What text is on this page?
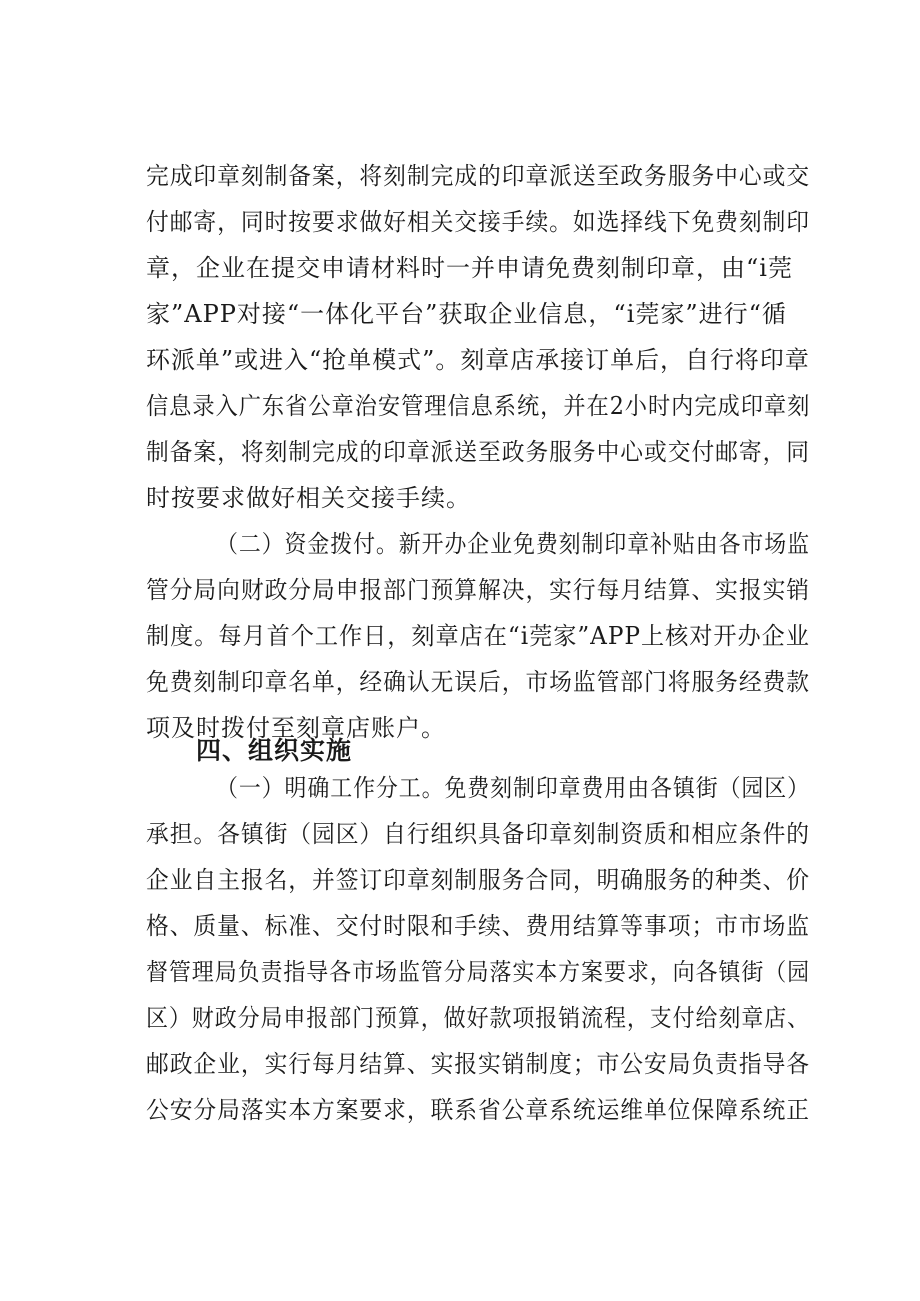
完成印章刻制备案，将刻制完成的印章派送至政务服务中心或交
付邮寄，同时按要求做好相关交接手续。如选择线下免费刻制印
章，企业在提交申请材料时一并申请免费刻制印章，由“i莞
家”APP对接“一体化平台”获取企业信息，“i莞家”进行“循
环派单”或进入“抢单模式”。刻章店承接订单后，自行将印章
信息录入广东省公章治安管理信息系统，并在2小时内完成印章刻
制备案，将刻制完成的印章派送至政务服务中心或交付邮寄，同
时按要求做好相关交接手续。
（二）资金拨付。新开办企业免费刻制印章补贴由各市场监
管分局向财政分局申报部门预算解决，实行每月结算、实报实销
制度。每月首个工作日，刻章店在“i莞家”APP上核对开办企业
免费刻制印章名单，经确认无误后，市场监管部门将服务经费款
项及时拨付至刻章店账户。
四、组织实施
（一）明确工作分工。免费刻制印章费用由各镇街（园区）
承担。各镇街（园区）自行组织具备印章刻制资质和相应条件的
企业自主报名，并签订印章刻制服务合同，明确服务的种类、价
格、质量、标准、交付时限和手续、费用结算等事项；市市场监
督管理局负责指导各市场监管分局落实本方案要求，向各镇街（园
区）财政分局申报部门预算，做好款项报销流程，支付给刻章店、
邮政企业，实行每月结算、实报实销制度；市公安局负责指导各
公安分局落实本方案要求，联系省公章系统运维单位保障系统正
